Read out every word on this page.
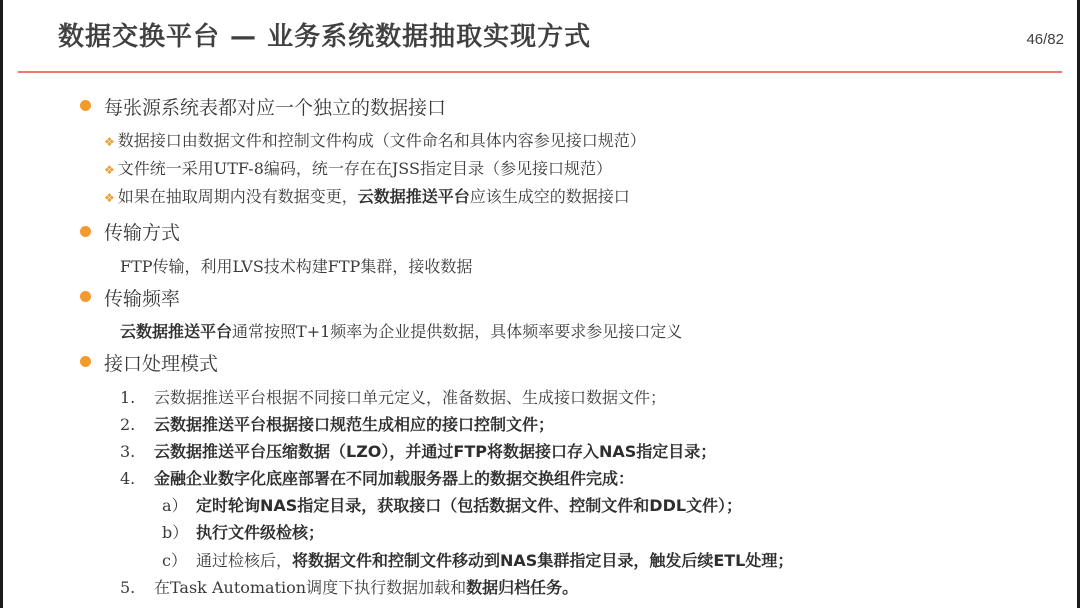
数据交换平台 — 业务系统数据抽取实现方式	46/82
每张源系统表都对应一个独立的数据接口
❖ 数据接口由数据文件和控制文件构成（文件命名和具体内容参见接口规范）
❖ 文件统一采用UTF-8编码，统一存在在JSS指定目录（参见接口规范）
❖ 如果在抽取周期内没有数据变更，云数据推送平台应该生成空的数据接口
传输方式
FTP传输，利用LVS技术构建FTP集群，接收数据
传输频率
云数据推送平台通常按照T+1频率为企业提供数据，具体频率要求参见接口定义
接口处理模式
1. 云数据推送平台根据不同接口单元定义，准备数据、生成接口数据文件；
2. 云数据推送平台根据接口规范生成相应的接口控制文件；
3. 云数据推送平台压缩数据（LZO），并通过FTP将数据接口存入NAS指定目录；
4. 金融企业数字化底座部署在不同加载服务器上的数据交换组件完成：
a） 定时轮询NAS指定目录，获取接口（包括数据文件、控制文件和DDL文件）；
b） 执行文件级检核；
c） 通过检核后，将数据文件和控制文件移动到NAS集群指定目录，触发后续ETL处理；
5. 在Task Automation调度下执行数据加载和数据归档任务。
